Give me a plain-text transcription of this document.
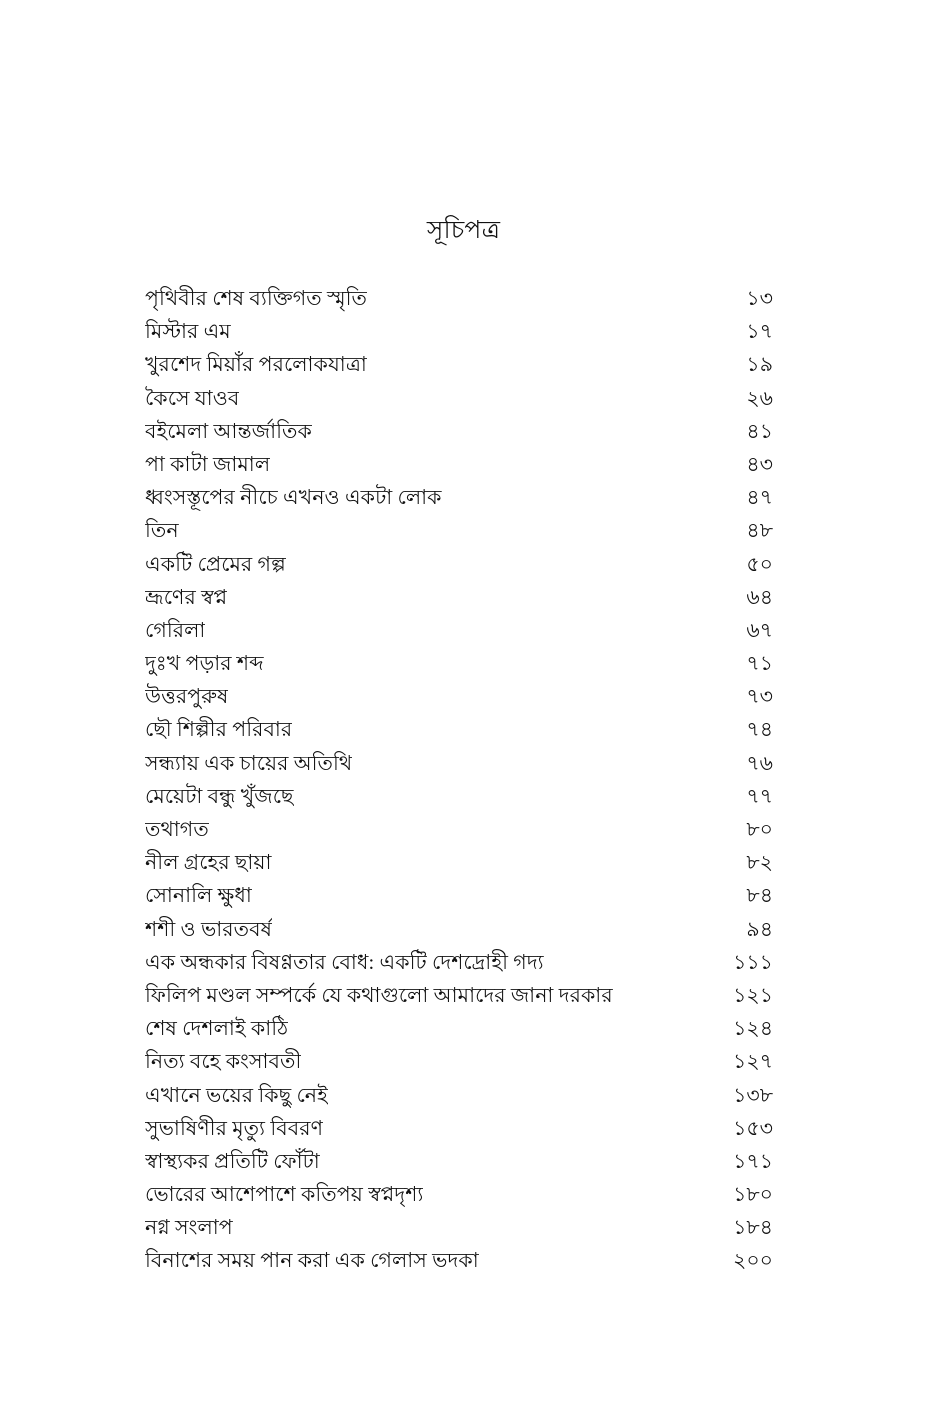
সূচিপত্র
পৃথিবীর শেষ ব্যক্তিগত স্মৃতি	১৩
মিস্টার এম	১৭
খুরশেদ মিয়াঁর পরলোকযাত্রা	১৯
কৈসে যাওব	২৬
বইমেলা আন্তর্জাতিক	৪১
পা কাটা জামাল	৪৩
ধ্বংসস্তূপের নীচে এখনও একটা লোক	৪৭
তিন	৪৮
একটি প্রেমের গল্প	৫০
ভ্রূণের স্বপ্ন	৬৪
গেরিলা	৬৭
দুঃখ পড়ার শব্দ	৭১
উত্তরপুরুষ	৭৩
ছৌ শিল্পীর পরিবার	৭৪
সন্ধ্যায় এক চায়ের অতিথি	৭৬
মেয়েটা বন্ধু খুঁজছে	৭৭
তথাগত	৮০
নীল গ্রহের ছায়া	৮২
সোনালি ক্ষুধা	৮৪
শশী ও ভারতবর্ষ	৯৪
এক অন্ধকার বিষণ্ণতার বোধ: একটি দেশদ্রোহী গদ্য	১১১
ফিলিপ মণ্ডল সম্পর্কে যে কথাগুলো আমাদের জানা দরকার	১২১
শেষ দেশলাই কাঠি	১২৪
নিত্য বহে কংসাবতী	১২৭
এখানে ভয়ের কিছু নেই	১৩৮
সুভাষিণীর মৃত্যু বিবরণ	১৫৩
স্বাস্থ্যকর প্রতিটি ফোঁটা	১৭১
ভোরের আশেপাশে কতিপয় স্বপ্নদৃশ্য	১৮০
নগ্ন সংলাপ	১৮৪
বিনাশের সময় পান করা এক গেলাস ভদকা	২০০
